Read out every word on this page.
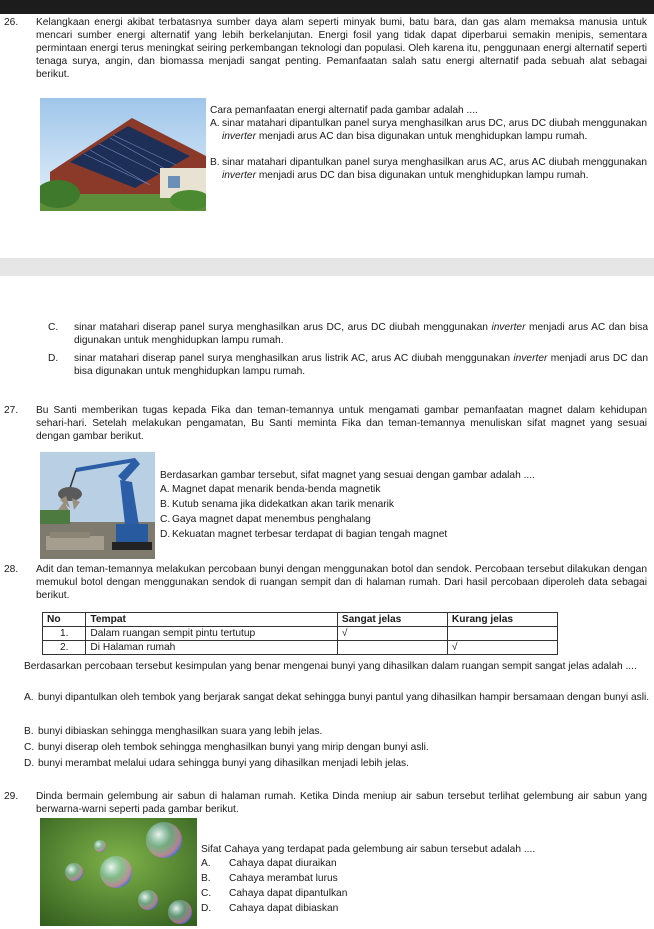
26.	Kelangkaan energi akibat terbatasnya sumber daya alam seperti minyak bumi, batu bara, dan gas alam memaksa manusia untuk mencari sumber energi alternatif yang lebih berkelanjutan. Energi fosil yang tidak dapat diperbarui semakin menipis, sementara permintaan energi terus meningkat seiring perkembangan teknologi dan populasi. Oleh karena itu, penggunaan energi alternatif seperti tenaga surya, angin, dan biomassa menjadi sangat penting. Pemanfaatan salah satu energi alternatif pada sebuah alat sebagai berikut.
Cara pemanfaatan energi alternatif pada gambar adalah ....
A. sinar matahari dipantulkan panel surya menghasilkan arus DC, arus DC diubah menggunakan inverter menjadi arus AC dan bisa digunakan untuk menghidupkan lampu rumah.
B. sinar matahari dipantulkan panel surya menghasilkan arus AC, arus AC diubah menggunakan inverter menjadi arus DC dan bisa digunakan untuk menghidupkan lampu rumah.
C. sinar matahari diserap panel surya menghasilkan arus DC, arus DC diubah menggunakan inverter menjadi arus AC dan bisa digunakan untuk menghidupkan lampu rumah.
D. sinar matahari diserap panel surya menghasilkan arus listrik AC, arus AC diubah menggunakan inverter menjadi arus DC dan bisa digunakan untuk menghidupkan lampu rumah.
27.	Bu Santi memberikan tugas kepada Fika dan teman-temannya untuk mengamati gambar pemanfaatan magnet dalam kehidupan sehari-hari. Setelah melakukan pengamatan, Bu Santi meminta Fika dan teman-temannya menuliskan sifat magnet yang sesuai dengan gambar berikut.
Berdasarkan gambar tersebut, sifat magnet yang sesuai dengan gambar adalah ....
A. Magnet dapat menarik benda-benda magnetik
B. Kutub senama jika didekatkan akan tarik menarik
C. Gaya magnet dapat menembus penghalang
D. Kekuatan magnet terbesar terdapat di bagian tengah magnet
28.	Adit dan teman-temannya melakukan percobaan bunyi dengan menggunakan botol dan sendok. Percobaan tersebut dilakukan dengan memukul botol dengan menggunakan sendok di ruangan sempit dan di halaman rumah. Dari hasil percobaan diperoleh data sebagai berikut.
No	Tempat	Sangat jelas	Kurang jelas
1.	Dalam ruangan sempit pintu tertutup	√	
2.	Di Halaman rumah		√
Berdasarkan percobaan tersebut kesimpulan yang benar mengenai bunyi yang dihasilkan dalam ruangan sempit sangat jelas adalah ....
A. bunyi dipantulkan oleh tembok yang berjarak sangat dekat sehingga bunyi pantul yang dihasilkan hampir bersamaan dengan bunyi asli.
B. bunyi dibiaskan sehingga menghasilkan suara yang lebih jelas.
C. bunyi diserap oleh tembok sehingga menghasilkan bunyi yang mirip dengan bunyi asli.
D. bunyi merambat melalui udara sehingga bunyi yang dihasilkan menjadi lebih jelas.
29.	Dinda bermain gelembung air sabun di halaman rumah. Ketika Dinda meniup air sabun tersebut terlihat gelembung air sabun yang berwarna-warni seperti pada gambar berikut.
Sifat Cahaya yang terdapat pada gelembung air sabun tersebut adalah ....
A. Cahaya dapat diuraikan
B. Cahaya merambat lurus
C. Cahaya dapat dipantulkan
D. Cahaya dapat dibiaskan
